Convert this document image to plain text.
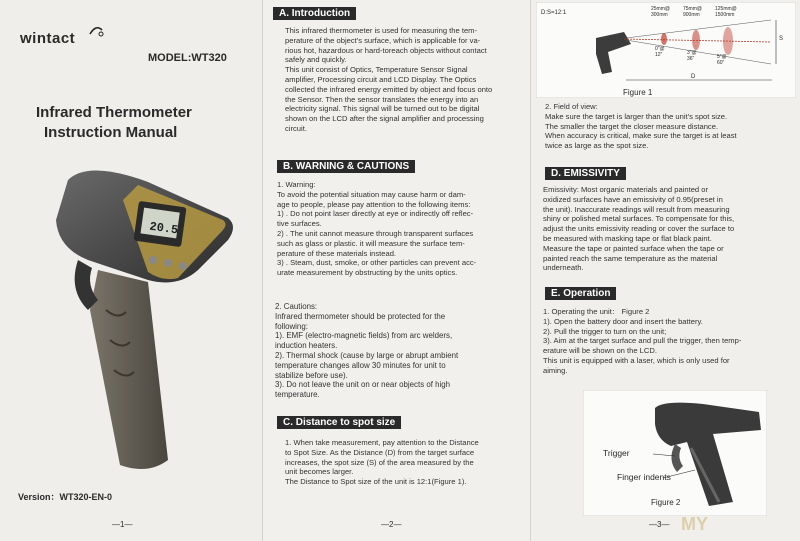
wintact
MODEL:WT320
Infrared Thermometer
Instruction Manual
20.5
Version：WT320-EN-0
—1—
A. Introduction

This infrared thermometer is used for measuring the tem-
perature of the object's surface, which is applicable for va-
rious hot, hazardous or hard-toreach objects without contact
safely and quickly.
This unit consist of Optics, Temperature Sensor Signal
amplifier, Processing circuit and LCD Display. The Optics
collected the infrared energy emitted by object and focus onto
the Sensor. Then the sensor translates the energy into an
electricity signal. This signal will be turned out to be digital
shown on the LCD after the signal amplifier and processing
circuit.

B. WARNING & CAUTIONS

1. Warning:
To avoid the potential situation may cause harm or dam-
age to people, please pay attention to the following items:
1) . Do not point laser directly at eye or indirectly off reflec-
tive surfaces.
2) . The unit cannot measure through transparent surfaces
such as glass or plastic. it will measure the surface tem-
perature of these materials instead.
3) . Steam, dust, smoke, or other particles can prevent acc-
urate measurement by obstructing by the units optics.

2. Cautions:
Infrared thermometer should be protected for the
following:
1). EMF (electro-magnetic fields) from arc welders,
induction heaters.
2). Thermal shock (cause by large or abrupt ambient
temperature changes allow 30 minutes for unit to
stabilize before use).
3). Do not leave the unit on or near objects of high
temperature.

C. Distance to spot size

1. When take measurement, pay attention to the Distance
to Spot Size. As the Distance (D) from the target surface
increases, the spot size (S) of the area measured by the
unit becomes larger.
The Distance to Spot size of the unit is 12:1(Figure 1).

—2—
D:S=12:1
25mm@ 300mm
75mm@ 900mm
125mm@ 1500mm
0"@ 12"	3"@ 36"	5"@ 60"
S
D
Figure 1

2. Field of view:
Make sure the target is larger than the unit's spot size.
The smaller the target the closer measure distance.
When accuracy is critical, make sure the target is at least
twice as large as the spot size.

D. EMISSIVITY

Emissivity: Most organic materials and painted or
oxidized surfaces have an emissivity of 0.95(preset in
the unit). Inaccurate readings will result from measuring
shiny or polished metal surfaces. To compensate for this,
adjust the units emissivity reading or cover the surface to
be measured with masking tape or flat black paint.
Measure the tape or painted surface when the tape or
painted reach the same temperature as the material
underneath.

E. Operation

1. Operating the unit： Figure 2
1). Open the battery door and insert the battery.
2). Pull the trigger to turn on the unit;
3). Aim at the target surface and pull the trigger, then temp-
erature will be shown on the LCD.
This unit is equipped with a laser, which is only used for
aiming.

Trigger
Finger indents
Figure 2
—3— MY
